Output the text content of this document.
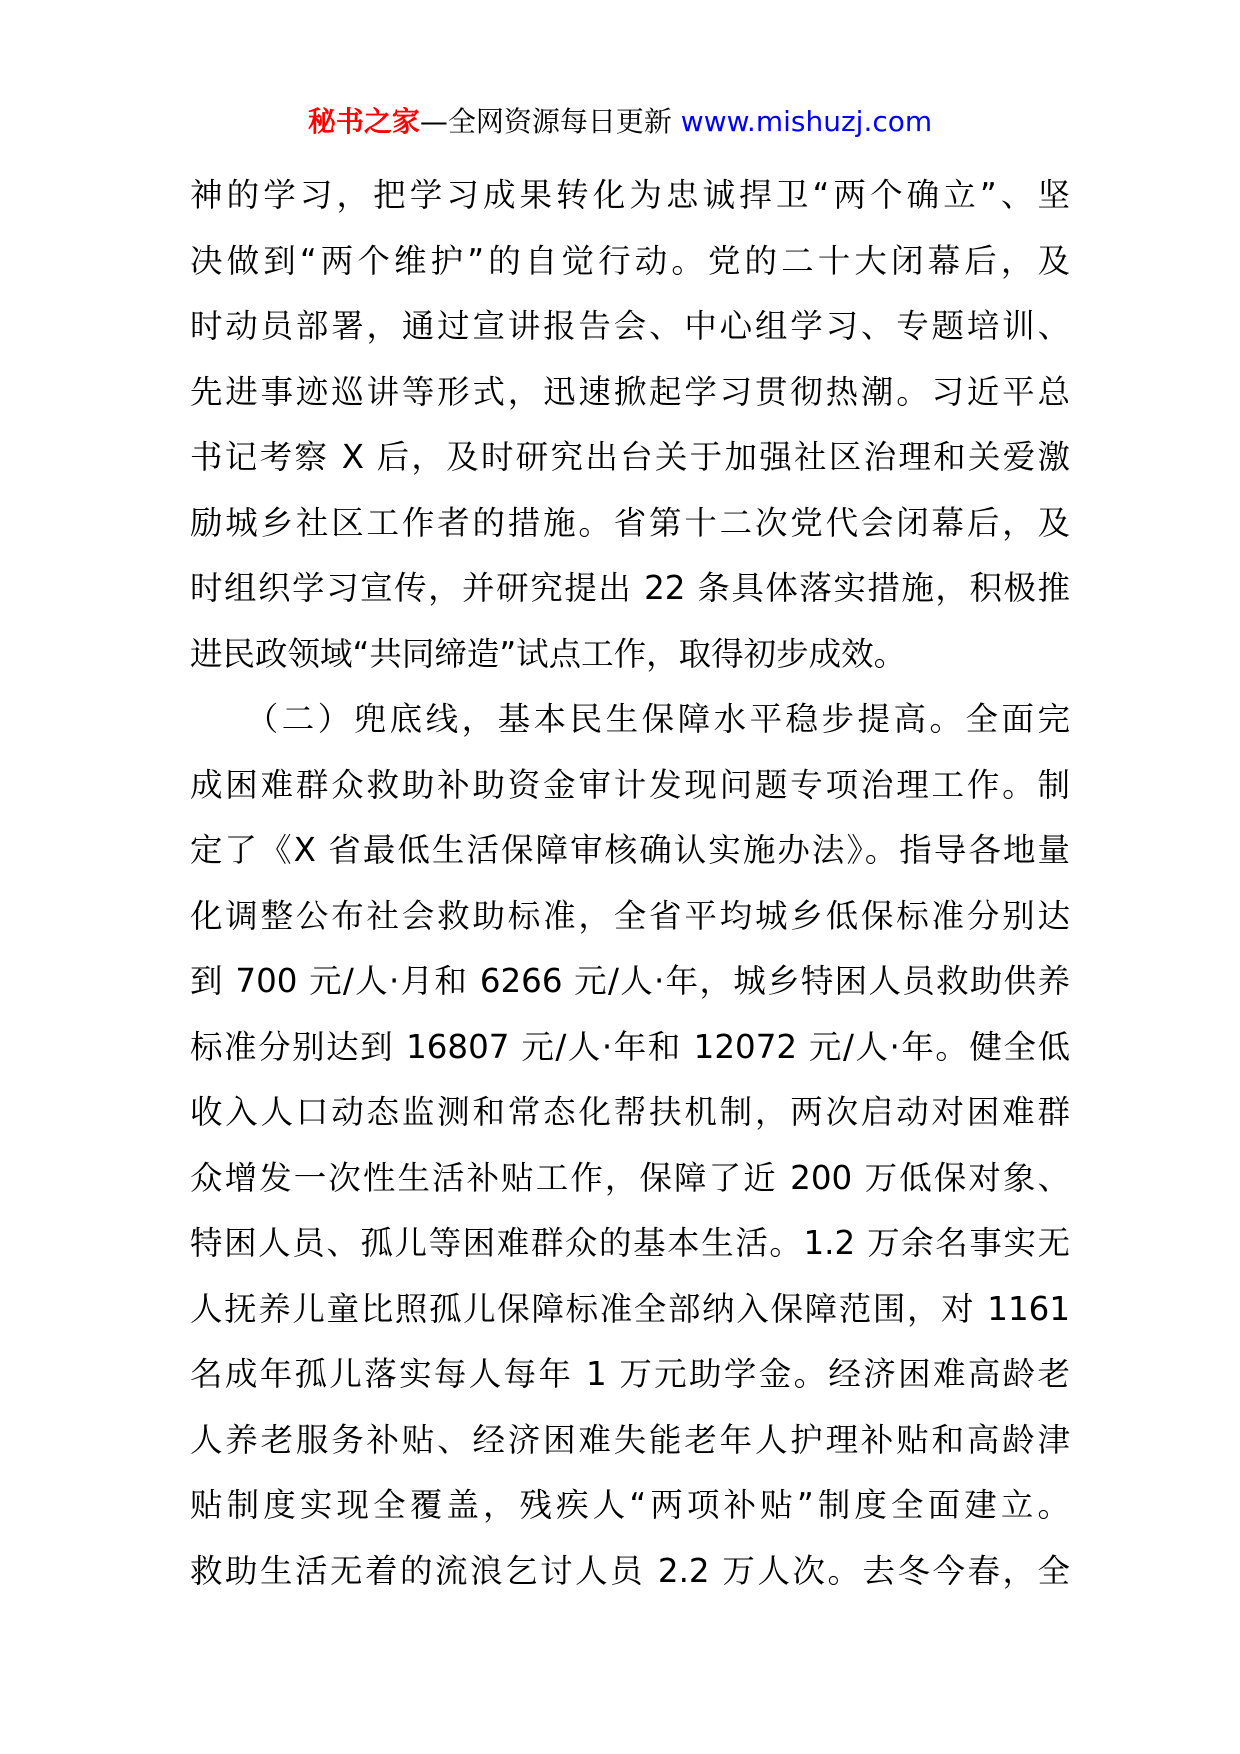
秘书之家—全网资源每日更新 www.mishuzj.com
神的学习，把学习成果转化为忠诚捍卫“两个确立”、坚
决做到“两个维护”的自觉行动。党的二十大闭幕后，及
时动员部署，通过宣讲报告会、中心组学习、专题培训、
先进事迹巡讲等形式，迅速掀起学习贯彻热潮。习近平总
书记考察 X 后，及时研究出台关于加强社区治理和关爱激
励城乡社区工作者的措施。省第十二次党代会闭幕后，及
时组织学习宣传，并研究提出 22 条具体落实措施，积极推
进民政领域“共同缔造”试点工作，取得初步成效。
　　（二）兜底线，基本民生保障水平稳步提高。全面完
成困难群众救助补助资金审计发现问题专项治理工作。制
定了《X 省最低生活保障审核确认实施办法》。指导各地量
化调整公布社会救助标准，全省平均城乡低保标准分别达
到 700 元/人·月和 6266 元/人·年，城乡特困人员救助供养
标准分别达到 16807 元/人·年和 12072 元/人·年。健全低
收入人口动态监测和常态化帮扶机制，两次启动对困难群
众增发一次性生活补贴工作，保障了近 200 万低保对象、
特困人员、孤儿等困难群众的基本生活。1.2 万余名事实无
人抚养儿童比照孤儿保障标准全部纳入保障范围，对 1161
名成年孤儿落实每人每年 1 万元助学金。经济困难高龄老
人养老服务补贴、经济困难失能老年人护理补贴和高龄津
贴制度实现全覆盖，残疾人“两项补贴”制度全面建立。
救助生活无着的流浪乞讨人员 2.2 万人次。去冬今春，全
